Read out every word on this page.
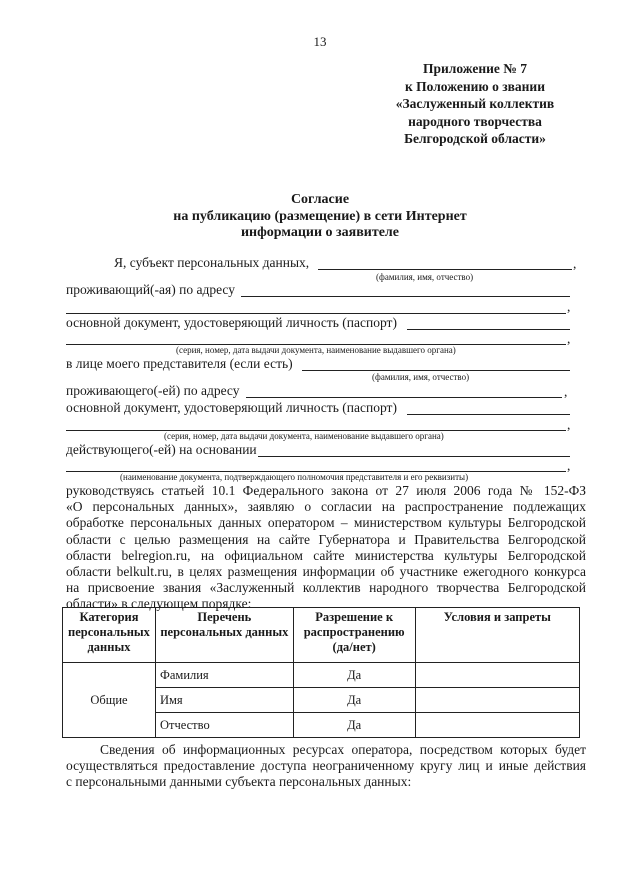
13
Приложение № 7
к Положению о звании
«Заслуженный коллектив
народного творчества
Белгородской области»
Согласие
на публикацию (размещение) в сети Интернет
информации о заявителе
Я, субъект персональных данных,	,
(фамилия, имя, отчество)
проживающий(-ая) по адресу
,
основной документ, удостоверяющий личность (паспорт)
,
(серия, номер, дата выдачи документа, наименование выдавшего органа)
в лице моего представителя (если есть)
(фамилия, имя, отчество)
проживающего(-ей) по адресу	,
основной документ, удостоверяющий личность (паспорт)
,
(серия, номер, дата выдачи документа, наименование выдавшего органа)
действующего(-ей) на основании
,
(наименование документа, подтверждающего полномочия представителя и его реквизиты)

руководствуясь статьей 10.1 Федерального закона от 27 июля 2006 года № 152-ФЗ

«О персональных данных», заявляю о согласии на распространение подлежащих

обработке персональных данных оператором – министерством культуры Белгородской

области с целью размещения на сайте Губернатора и Правительства Белгородской

области belregion.ru, на официальном сайте министерства культуры Белгородской

области belkult.ru, в целях размещения информации об участнике ежегодного конкурса

на присвоение звания «Заслуженный коллектив народного творчества Белгородской

области» в следующем порядке:

Категория персональных данных	Перечень персональных данных	Разрешение к распространению (да/нет)	Условия и запреты
Общие	Фамилия	Да	
	Имя	Да	
	Отчество	Да	

Сведения об информационных ресурсах оператора, посредством которых будет

осуществляться предоставление доступа неограниченному кругу лиц и иные действия

с персональными данными субъекта персональных данных:
